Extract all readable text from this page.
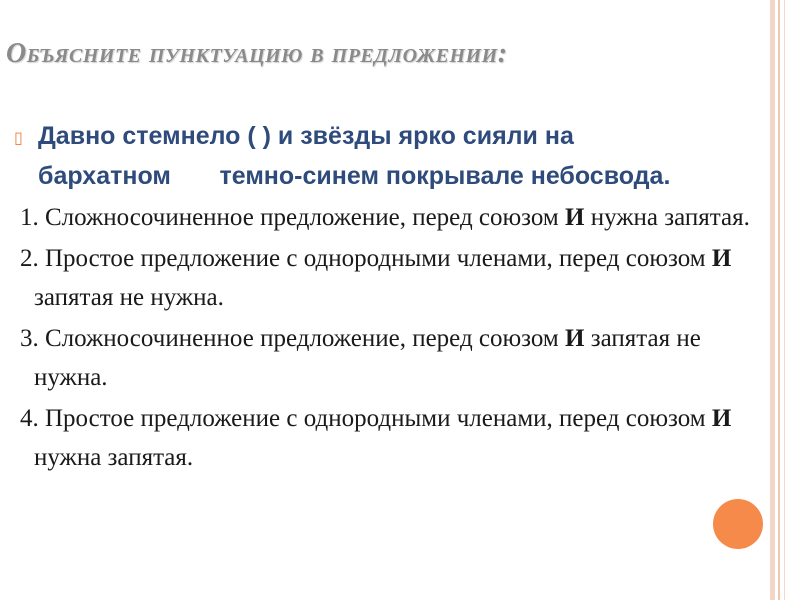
Объясните пунктуацию в предложении:
▯ Давно стемнело ( ) и звёзды ярко сияли на
бархатном темно-синем покрывале небосвода.

1. Сложносочиненное предложение, перед союзом И нужна запятая.

2. Простое предложение с однородными членами, перед союзом И запятая не нужна.

3. Сложносочиненное предложение, перед союзом И запятая не нужна.

4. Простое предложение с однородными членами, перед союзом И нужна запятая.
